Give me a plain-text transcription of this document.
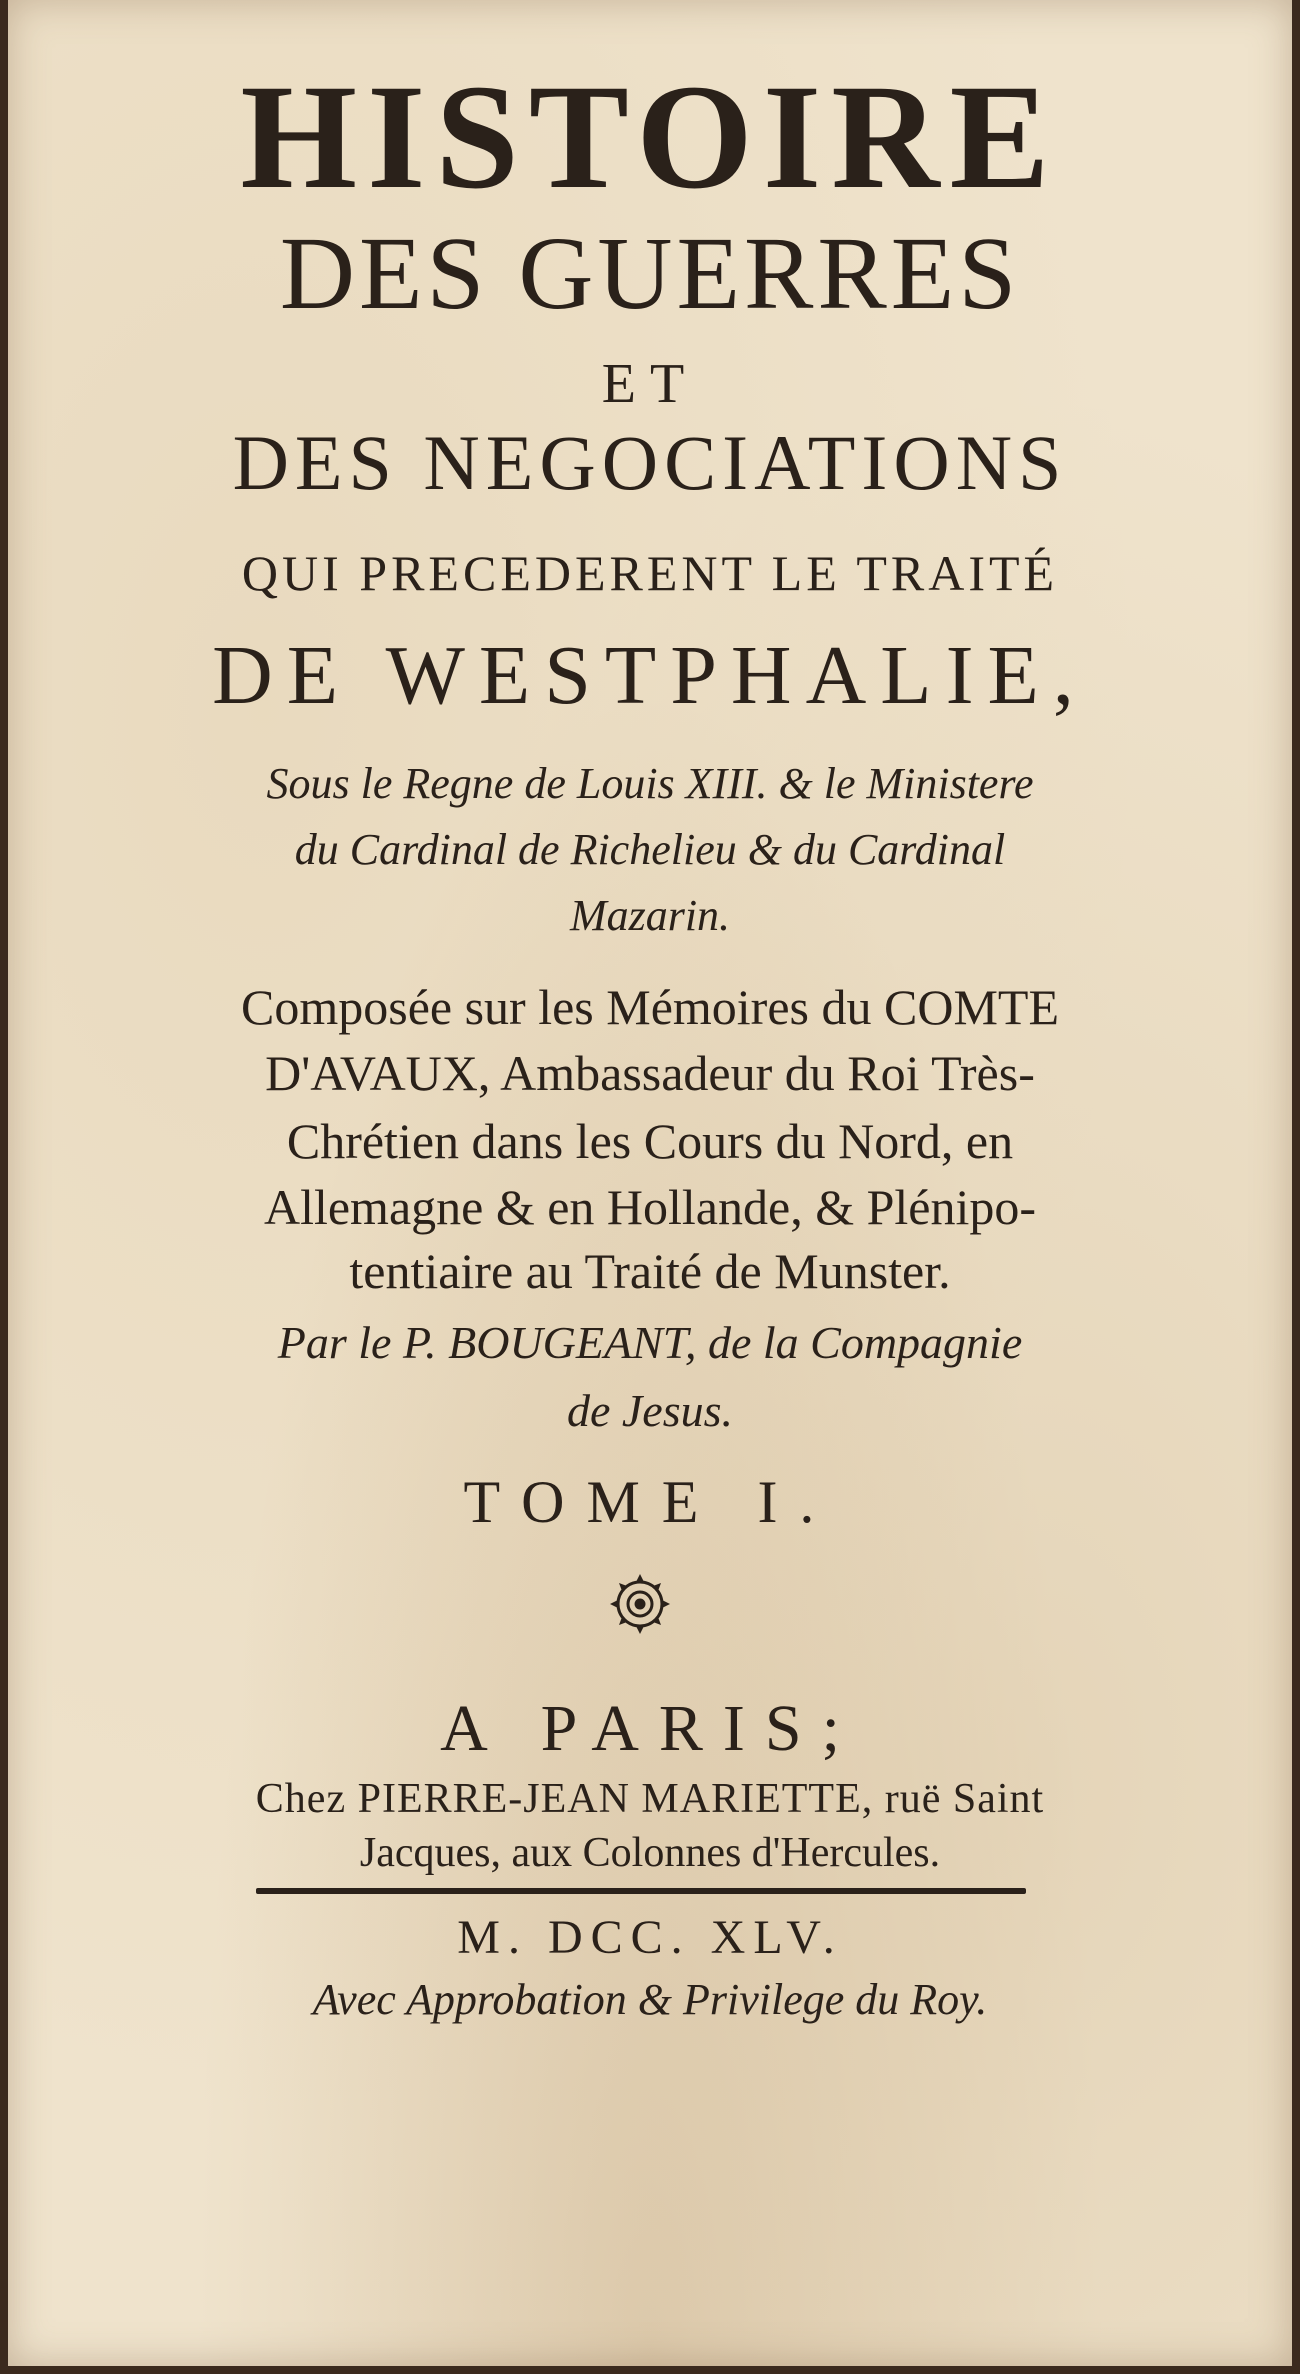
HISTOIRE
DES GUERRES
ET
DES NEGOCIATIONS
QUI PRECEDERENT LE TRAITÉ
DE WESTPHALIE,
Sous le Regne de Louis XIII. & le Ministere
du Cardinal de Richelieu & du Cardinal
Mazarin.
Composée sur les Mémoires du COMTE
D'AVAUX, Ambassadeur du Roi Très-
Chrétien dans les Cours du Nord, en
Allemagne & en Hollande, & Plénipo-
tentiaire au Traité de Munster.
Par le P. BOUGEANT, de la Compagnie
de Jesus.
TOME I.
A PARIS;
Chez PIERRE-JEAN MARIETTE, ruë Saint
Jacques, aux Colonnes d'Hercules.
M. DCC. XLV.
Avec Approbation & Privilege du Roy.
